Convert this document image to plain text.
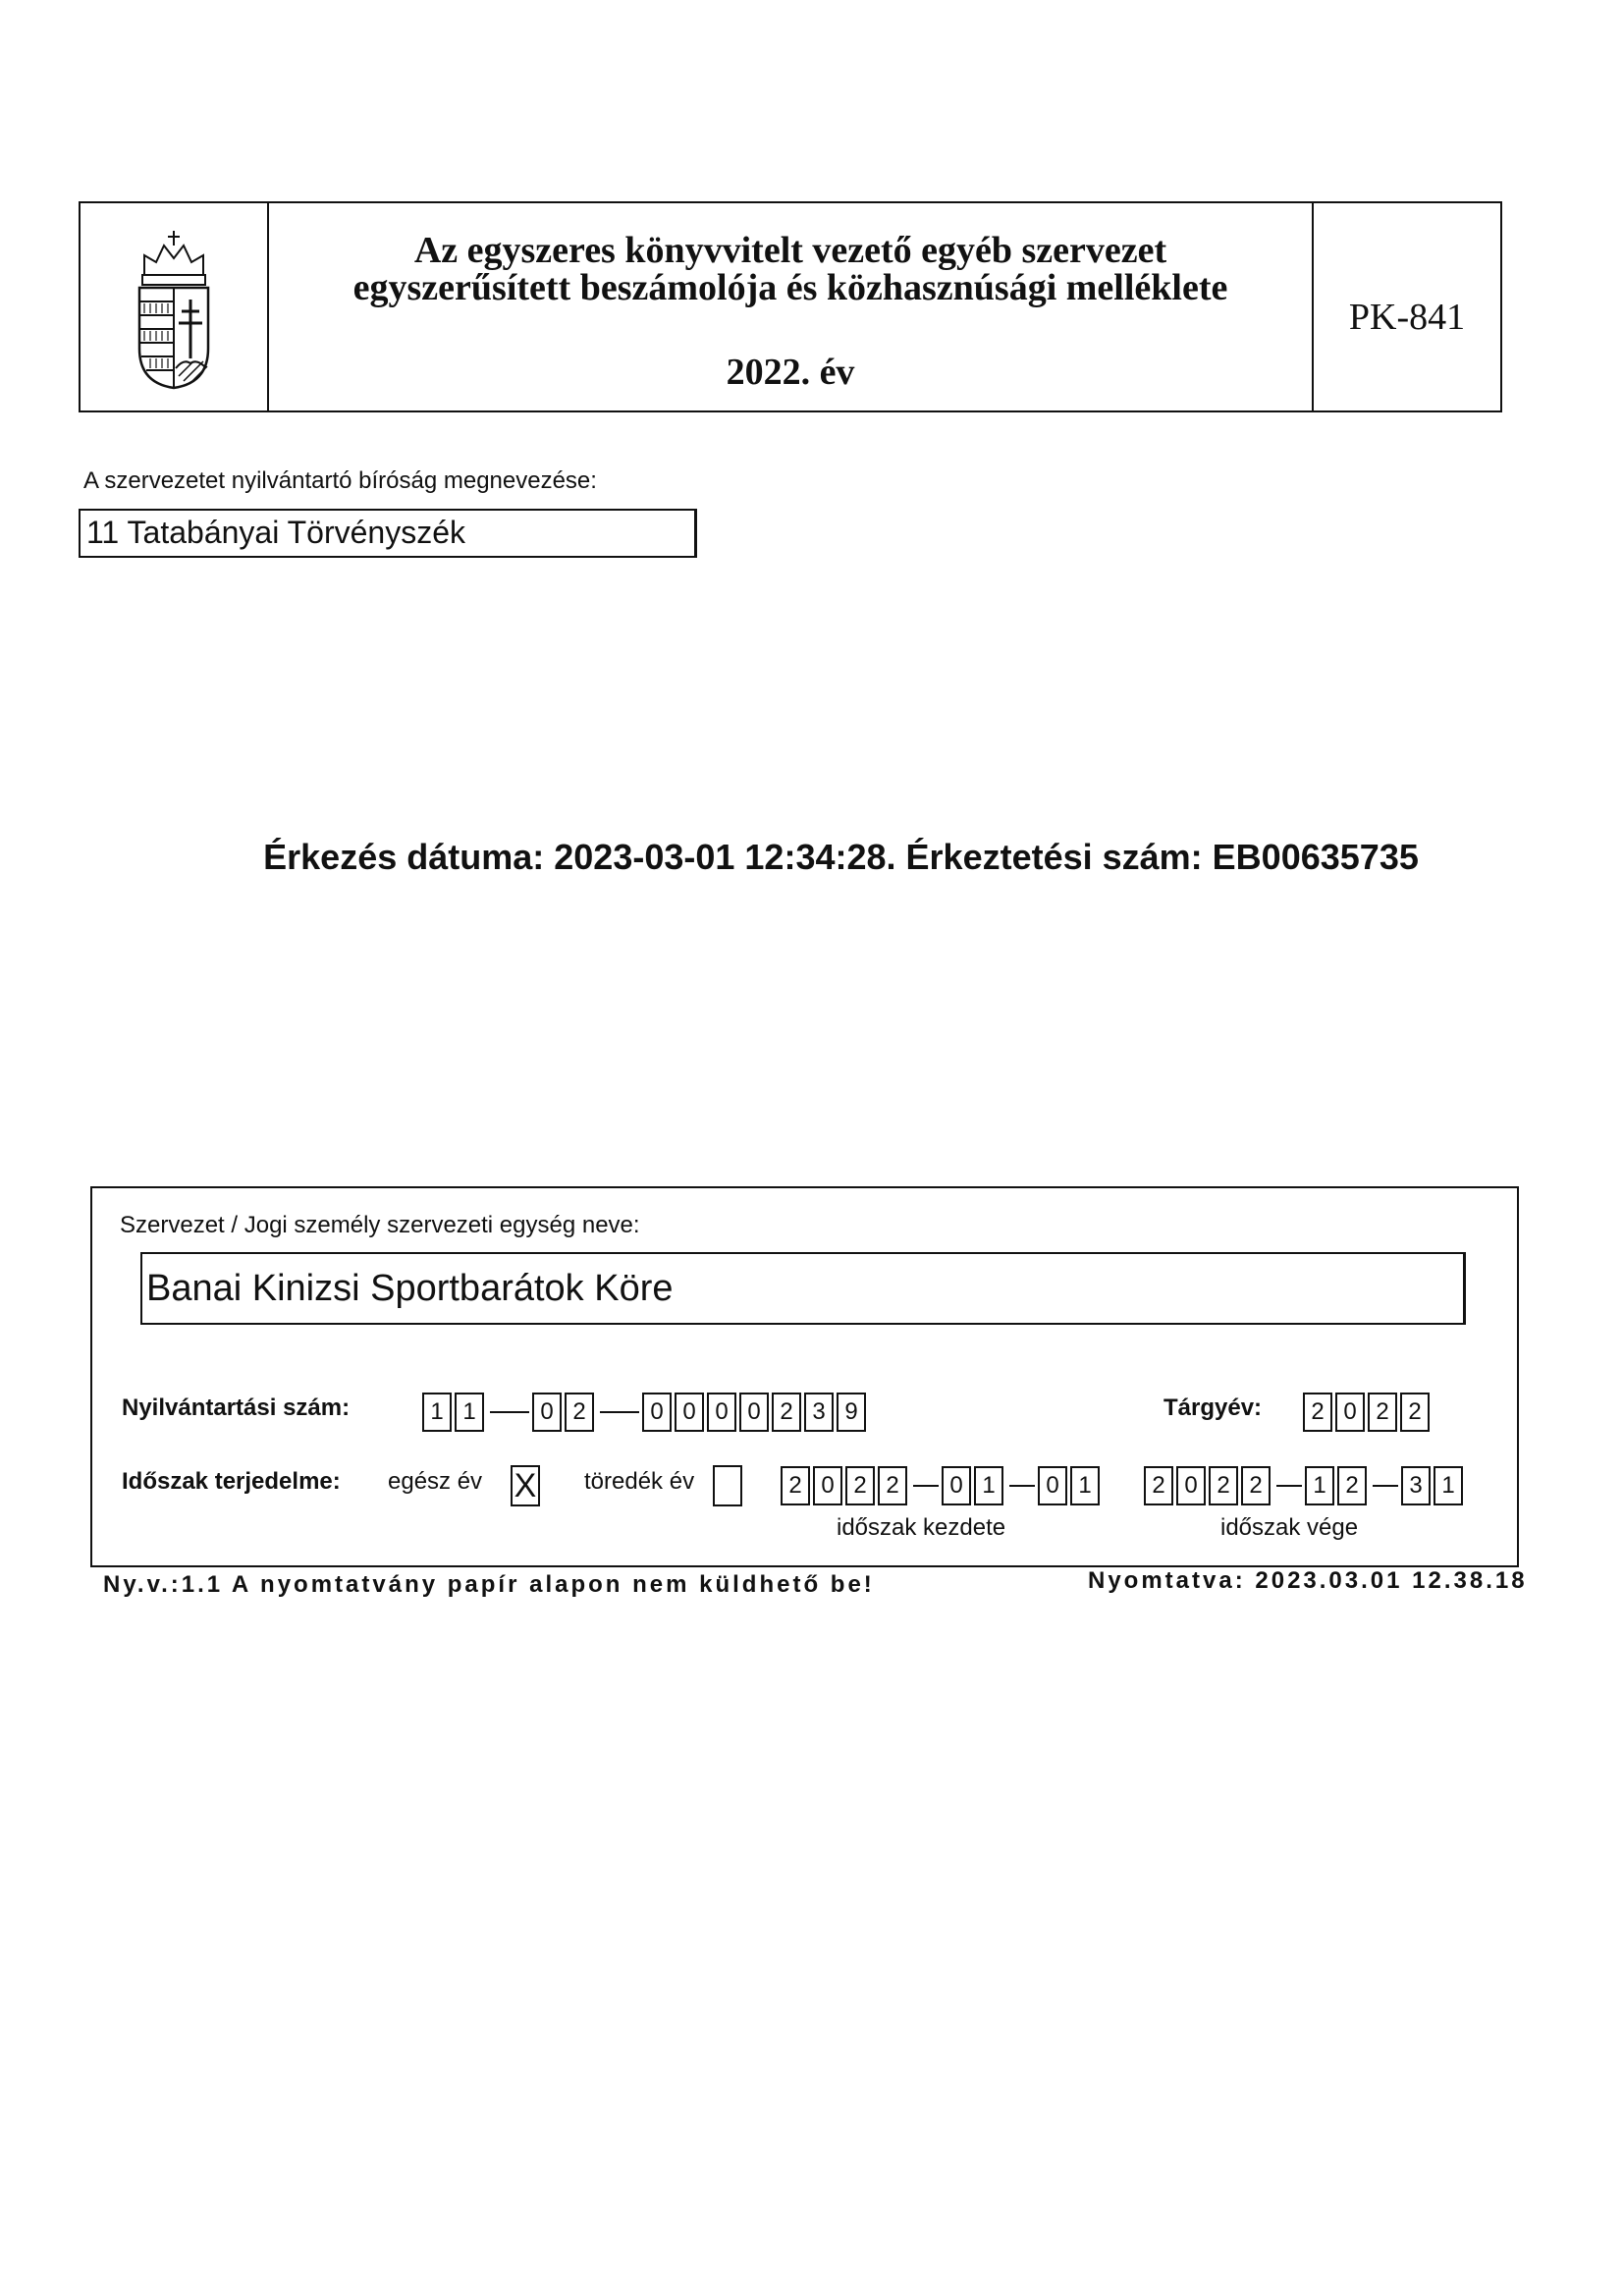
Az egyszeres könyvvitelt vezető egyéb szervezet
egyszerűsített beszámolója és közhasznúsági melléklete
2022. év
PK-841
A szervezetet nyilvántartó bíróság megnevezése:
11 Tatabányai Törvényszék
Érkezés dátuma: 2023-03-01 12:34:28. Érkeztetési szám: EB00635735
Szervezet / Jogi személy szervezeti egység neve:
Banai Kinizsi Sportbarátok Köre
Nyilvántartási szám:	1 1	0 2	0 0 0 0 2 3 9	Tárgyév:	2 0 2 2
Időszak terjedelme: egész év X töredék év	2 0 2 2	0 1	0 1	2 0 2 2	1 2	3 1
időszak kezdete	időszak vége
Ny.v.:1.1 A nyomtatvány papír alapon nem küldhető be!	Nyomtatva: 2023.03.01 12.38.18
